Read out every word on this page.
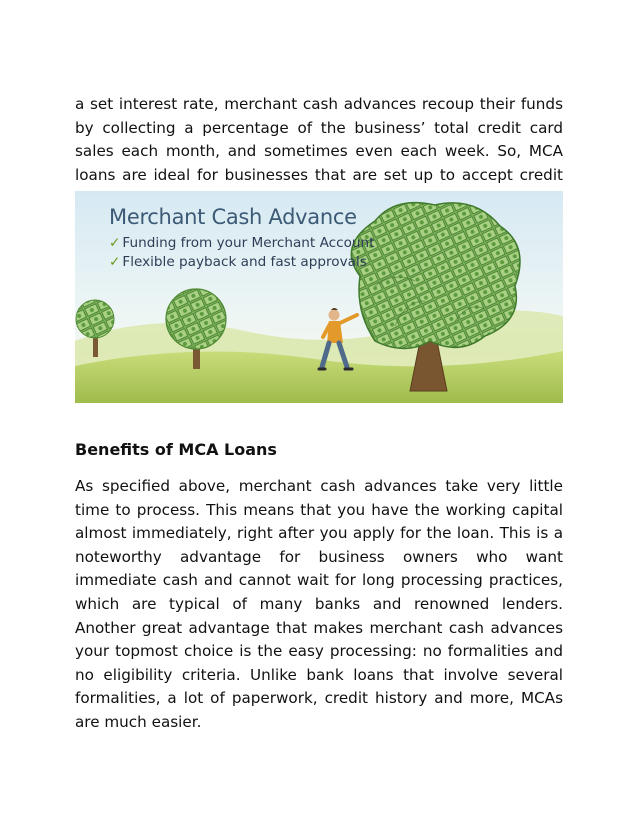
a set interest rate, merchant cash advances recoup their funds by collecting a percentage of the business’ total credit card sales each month, and sometimes even each week. So, MCA loans are ideal for businesses that are set up to accept credit

Merchant Cash Advance
✓ Funding from your Merchant Account
✓ Flexible payback and fast approvals
Benefits of MCA Loans

As specified above, merchant cash advances take very little time to process. This means that you have the working capital almost immediately, right after you apply for the loan. This is a noteworthy advantage for business owners who want immediate cash and cannot wait for long processing practices, which are typical of many banks and renowned lenders. Another great advantage that makes merchant cash advances your topmost choice is the easy processing: no formalities and no eligibility criteria. Unlike bank loans that involve several formalities, a lot of paperwork, credit history and more, MCAs are much easier.
